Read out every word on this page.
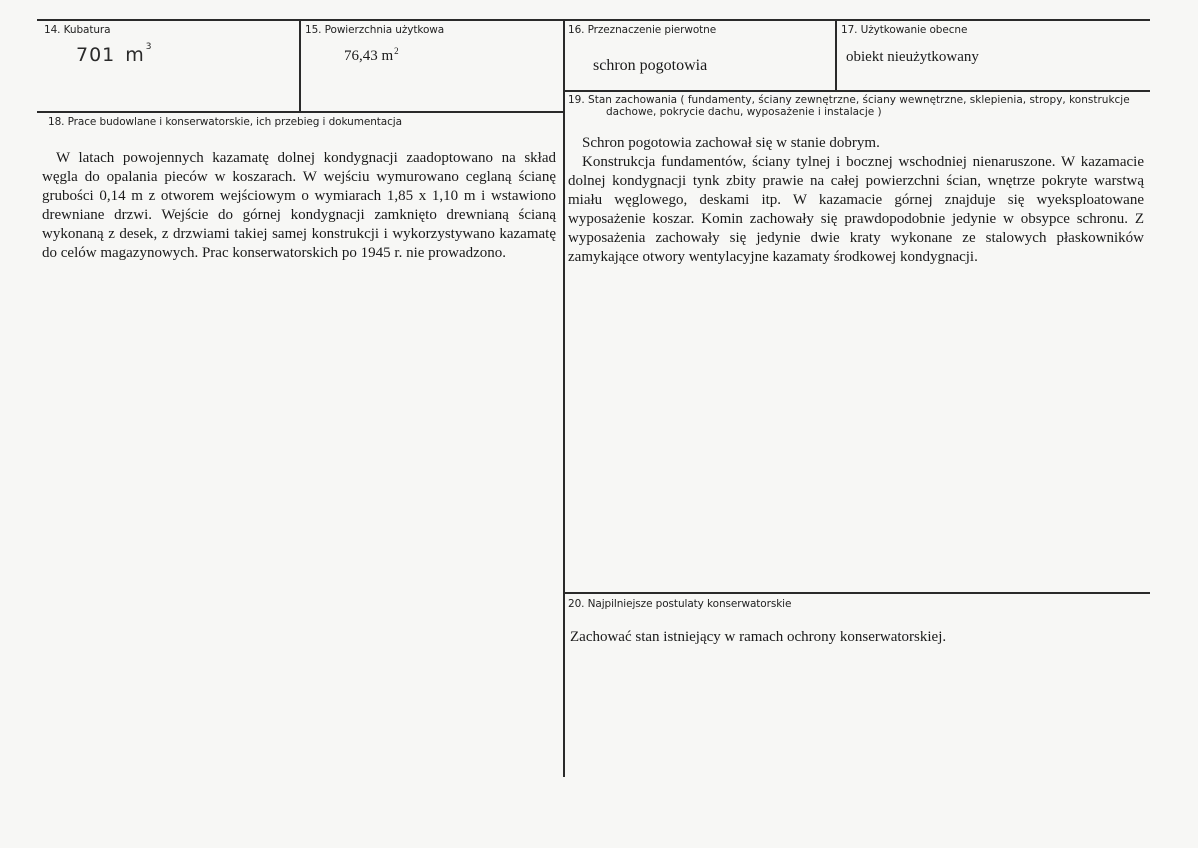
14. Kubatura
701 $m^3$
15. Powierzchnia użytkowa
76,43 $m^2$
16. Przeznaczenie pierwotne
schron pogotowia
17. Użytkowanie obecne
obiekt nieużytkowany
18. Prace budowlane i konserwatorskie, ich przebieg i dokumentacja

W latach powojennych kazamatę dolnej kondygnacji zaadoptowano na skład węgla do opalania pieców w koszarach. W wejściu wymurowano ceglaną ścianę grubości 0,14 m z otworem wejściowym o wymiarach 1,85 x 1,10 m i wstawiono drewniane drzwi. Wejście do górnej kondygnacji zamknięto drewnianą ścianą wykonaną z desek, z drzwiami takiej samej konstrukcji i wykorzystywano kazamatę do celów magazynowych. Prac konserwatorskich po 1945 r. nie prowadzono.

19. Stan zachowania ( fundamenty, ściany zewnętrzne, ściany wewnętrzne, sklepienia, stropy, konstrukcje
dachowe, pokrycie dachu, wyposażenie i instalacje )

Schron pogotowia zachował się w stanie dobrym.

Konstrukcja fundamentów, ściany tylnej i bocznej wschodniej nienaruszone. W kazamacie dolnej kondygnacji tynk zbity prawie na całej powierzchni ścian, wnętrze pokryte warstwą miału węglowego, deskami itp. W kazamacie górnej znajduje się wyeksploatowane wyposażenie koszar. Komin zachowały się prawdopodobnie jedynie w obsypce schronu. Z wyposażenia zachowały się jedynie dwie kraty wykonane ze stalowych płaskowników zamykające otwory wentylacyjne kazamaty środkowej kondygnacji.

20. Najpilniejsze postulaty konserwatorskie
Zachować stan istniejący w ramach ochrony konserwatorskiej.
